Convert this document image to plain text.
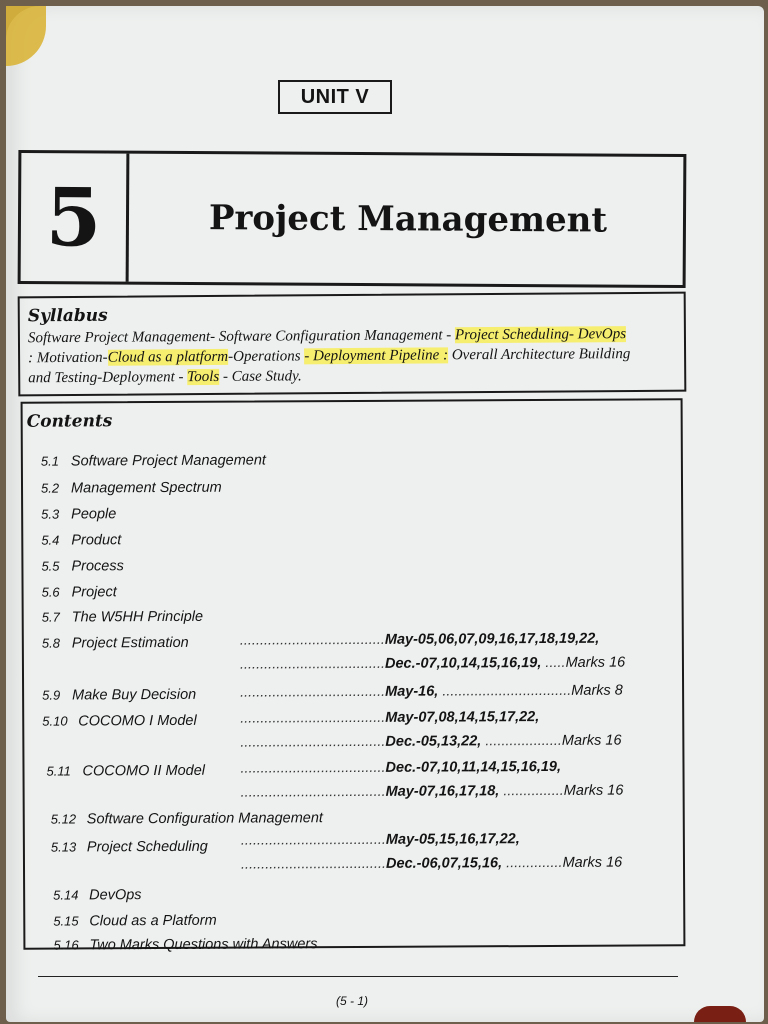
UNIT V
5	Project Management
Syllabus
Software Project Management- Software Configuration Management - Project Scheduling- DevOps
: Motivation-Cloud as a platform-Operations - Deployment Pipeline : Overall Architecture Building
and Testing-Deployment - Tools - Case Study.
Contents
5.1 Software Project Management
5.2 Management Spectrum
5.3 People
5.4 Product
5.5 Process
5.6 Project
5.7 The W5HH Principle
5.8 Project Estimation
5.9 Make Buy Decision
5.10 COCOMO I Model
5.11 COCOMO II Model
5.12 Software Configuration Management
5.13 Project Scheduling
5.14 DevOps
5.15 Cloud as a Platform
5.16 Two Marks Questions with Answers
....................................May-05,06,07,09,16,17,18,19,22,
....................................Dec.-07,10,14,15,16,19, .....Marks 16
....................................May-16, ................................Marks 8
....................................May-07,08,14,15,17,22,
....................................Dec.-05,13,22, ...................Marks 16
....................................Dec.-07,10,11,14,15,16,19,
....................................May-07,16,17,18, ...............Marks 16
....................................May-05,15,16,17,22,
....................................Dec.-06,07,15,16, ..............Marks 16
(5 - 1)
